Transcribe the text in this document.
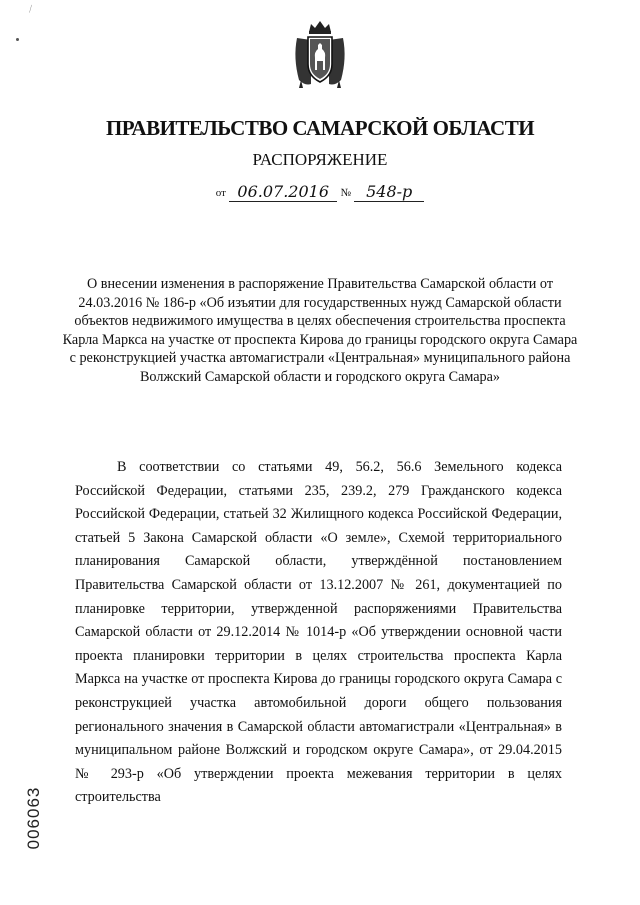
⁄
ПРАВИТЕЛЬСТВО САМАРСКОЙ ОБЛАСТИ
РАСПОРЯЖЕНИЕ
от 06.07.2016 № 548-р
О внесении изменения в распоряжение Правительства Самарской области от 24.03.2016 № 186-р «Об изъятии для государственных нужд Самарской области объектов недвижимого имущества в целях обеспечения строительства проспекта Карла Маркса на участке от проспекта Кирова до границы городского округа Самара с реконструкцией участка автомагистрали «Центральная» муниципального района Волжский Самарской области и городского округа Самара»
В соответствии со статьями 49, 56.2, 56.6 Земельного кодекса Российской Федерации, статьями 235, 239.2, 279 Гражданского кодекса Российской Федерации, статьей 32 Жилищного кодекса Российской Федерации, статьей 5 Закона Самарской области «О земле», Схемой территориального планирования Самарской области, утверждённой постановлением Правительства Самарской области от 13.12.2007 № 261, документацией по планировке территории, утвержденной распоряжениями Правительства Самарской области от 29.12.2014 № 1014-р «Об утверждении основной части проекта планировки территории в целях строительства проспекта Карла Маркса на участке от проспекта Кирова до границы городского округа Самара с реконструкцией участка автомобильной дороги общего пользования регионального значения в Самарской области автомагистрали «Центральная» в муниципальном районе Волжский и городском округе Самара», от 29.04.2015 № 293-р «Об утверждении проекта межевания территории в целях строительства
006063
